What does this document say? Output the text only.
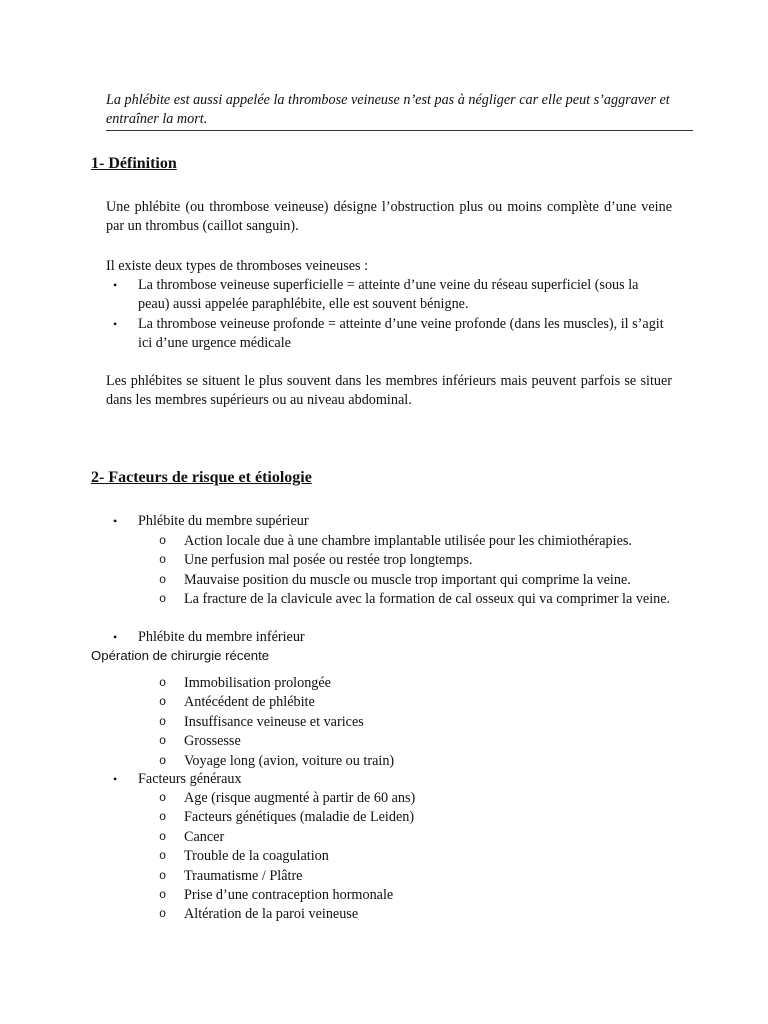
La phlébite est aussi appelée la thrombose veineuse n’est pas à négliger car elle peut s’aggraver et entraîner la mort.

1- Définition

Une phlébite (ou thrombose veineuse) désigne l’obstruction plus ou moins complète d’une veine par un thrombus (caillot sanguin).

Il existe deux types de thromboses veineuses :

• La thrombose veineuse superficielle = atteinte d’une veine du réseau superficiel (sous la peau) aussi appelée paraphlébite, elle est souvent bénigne.
• La thrombose veineuse profonde = atteinte d’une veine profonde (dans les muscles), il s’agit ici d’une urgence médicale

Les phlébites se situent le plus souvent dans les membres inférieurs mais peuvent parfois se situer dans les membres supérieurs ou au niveau abdominal.

2- Facteurs de risque et étiologie
• Phlébite du membre supérieur
o Action locale due à une chambre implantable utilisée pour les chimiothérapies.
o Une perfusion mal posée ou restée trop longtemps.
o Mauvaise position du muscle ou muscle trop important qui comprime la veine.
o La fracture de la clavicule avec la formation de cal osseux qui va comprimer la veine.
• Phlébite du membre inférieur

Opération de chirurgie récente

o Immobilisation prolongée
o Antécédent de phlébite
o Insuffisance veineuse et varices
o Grossesse
o Voyage long (avion, voiture ou train)
• Facteurs généraux
o Age (risque augmenté à partir de 60 ans)
o Facteurs génétiques (maladie de Leiden)
o Cancer
o Trouble de la coagulation
o Traumatisme / Plâtre
o Prise d’une contraception hormonale
o Altération de la paroi veineuse
